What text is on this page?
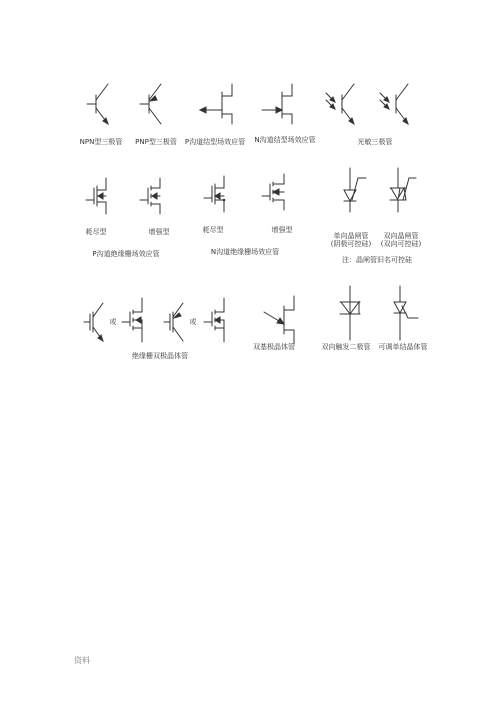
NPN型三极管 PNP型三极管 P沟道结型场效应管 N沟道结型场效应管	光敏三极管
耗尽型	增强型	耗尽型	增强型
P沟道绝缘栅场效应管	N沟道绝缘栅场效应管
单向晶闸管
(阴极可控硅)
双向晶闸管
(双向可控硅)
注：晶闸管旧名可控硅
或	或
绝缘栅双极晶体管
双基极晶体管	双向触发二极管 可调单结晶体管
资料
